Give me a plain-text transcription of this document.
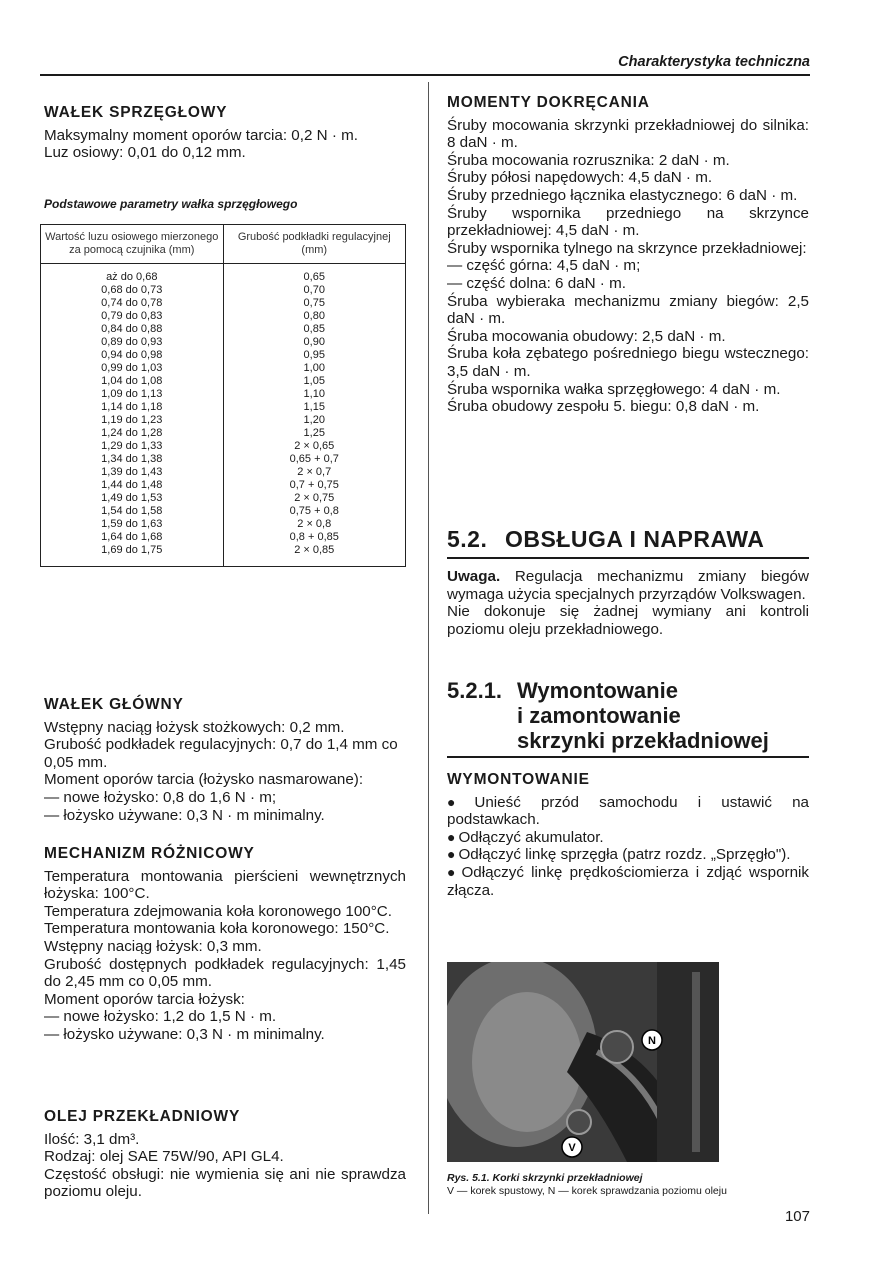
Charakterystyka techniczna
WAŁEK SPRZĘGŁOWY

Maksymalny moment oporów tarcia: 0,2 N · m.

Luz osiowy: 0,01 do 0,12 mm.

Podstawowe parametry wałka sprzęgłowego
Wartość luzu osiowego mierzonego za pomocą czujnika (mm)	Grubość podkładki regulacyjnej (mm)
aż do 0,68	0,65
0,68 do 0,73	0,70
0,74 do 0,78	0,75
0,79 do 0,83	0,80
0,84 do 0,88	0,85
0,89 do 0,93	0,90
0,94 do 0,98	0,95
0,99 do 1,03	1,00
1,04 do 1,08	1,05
1,09 do 1,13	1,10
1,14 do 1,18	1,15
1,19 do 1,23	1,20
1,24 do 1,28	1,25
1,29 do 1,33	2 × 0,65
1,34 do 1,38	0,65 + 0,7
1,39 do 1,43	2 × 0,7
1,44 do 1,48	0,7 + 0,75
1,49 do 1,53	2 × 0,75
1,54 do 1,58	0,75 + 0,8
1,59 do 1,63	2 × 0,8
1,64 do 1,68	0,8 + 0,85
1,69 do 1,75	2 × 0,85
WAŁEK GŁÓWNY

Wstępny naciąg łożysk stożkowych: 0,2 mm.

Grubość podkładek regulacyjnych: 0,7 do 1,4 mm co 0,05 mm.

Moment oporów tarcia (łożysko nasmarowane):

— nowe łożysko: 0,8 do 1,6 N · m;

— łożysko używane: 0,3 N · m minimalny.

MECHANIZM RÓŻNICOWY

Temperatura montowania pierścieni wewnętrznych łożyska: 100°C.

Temperatura zdejmowania koła koronowego 100°C.

Temperatura montowania koła koronowego: 150°C.

Wstępny naciąg łożysk: 0,3 mm.

Grubość dostępnych podkładek regulacyjnych: 1,45 do 2,45 mm co 0,05 mm.

Moment oporów tarcia łożysk:

— nowe łożysko: 1,2 do 1,5 N · m.

— łożysko używane: 0,3 N · m minimalny.

OLEJ PRZEKŁADNIOWY

Ilość: 3,1 dm³.

Rodzaj: olej SAE 75W/90, API GL4.

Częstość obsługi: nie wymienia się ani nie sprawdza poziomu oleju.

MOMENTY DOKRĘCANIA

Śruby mocowania skrzynki przekładniowej do silnika: 8 daN · m.

Śruba mocowania rozrusznika: 2 daN · m.

Śruby półosi napędowych: 4,5 daN · m.

Śruby przedniego łącznika elastycznego: 6 daN · m.

Śruby wspornika przedniego na skrzynce przekładniowej: 4,5 daN · m.

Śruby wspornika tylnego na skrzynce przekładniowej:

— część górna: 4,5 daN · m;

— część dolna: 6 daN · m.

Śruba wybieraka mechanizmu zmiany biegów: 2,5 daN · m.

Śruba mocowania obudowy: 2,5 daN · m.

Śruba koła zębatego pośredniego biegu wstecznego: 3,5 daN · m.

Śruba wspornika wałka sprzęgłowego: 4 daN · m.

Śruba obudowy zespołu 5. biegu: 0,8 daN · m.

5.2. OBSŁUGA I NAPRAWA

Uwaga. Regulacja mechanizmu zmiany biegów wymaga użycia specjalnych przyrządów Volkswagen.

Nie dokonuje się żadnej wymiany ani kontroli poziomu oleju przekładniowego.

5.2.1. Wymontowanie
i zamontowanie
skrzynki przekładniowej
WYMONTOWANIE

● Unieść przód samochodu i ustawić na podstawkach.

● Odłączyć akumulator.

● Odłączyć linkę sprzęgła (patrz rozdz. „Sprzęgło").

● Odłączyć linkę prędkościomierza i zdjąć wspornik złącza.

N
V
Rys. 5.1. Korki skrzynki przekładniowej
V — korek spustowy, N — korek sprawdzania poziomu oleju
107
